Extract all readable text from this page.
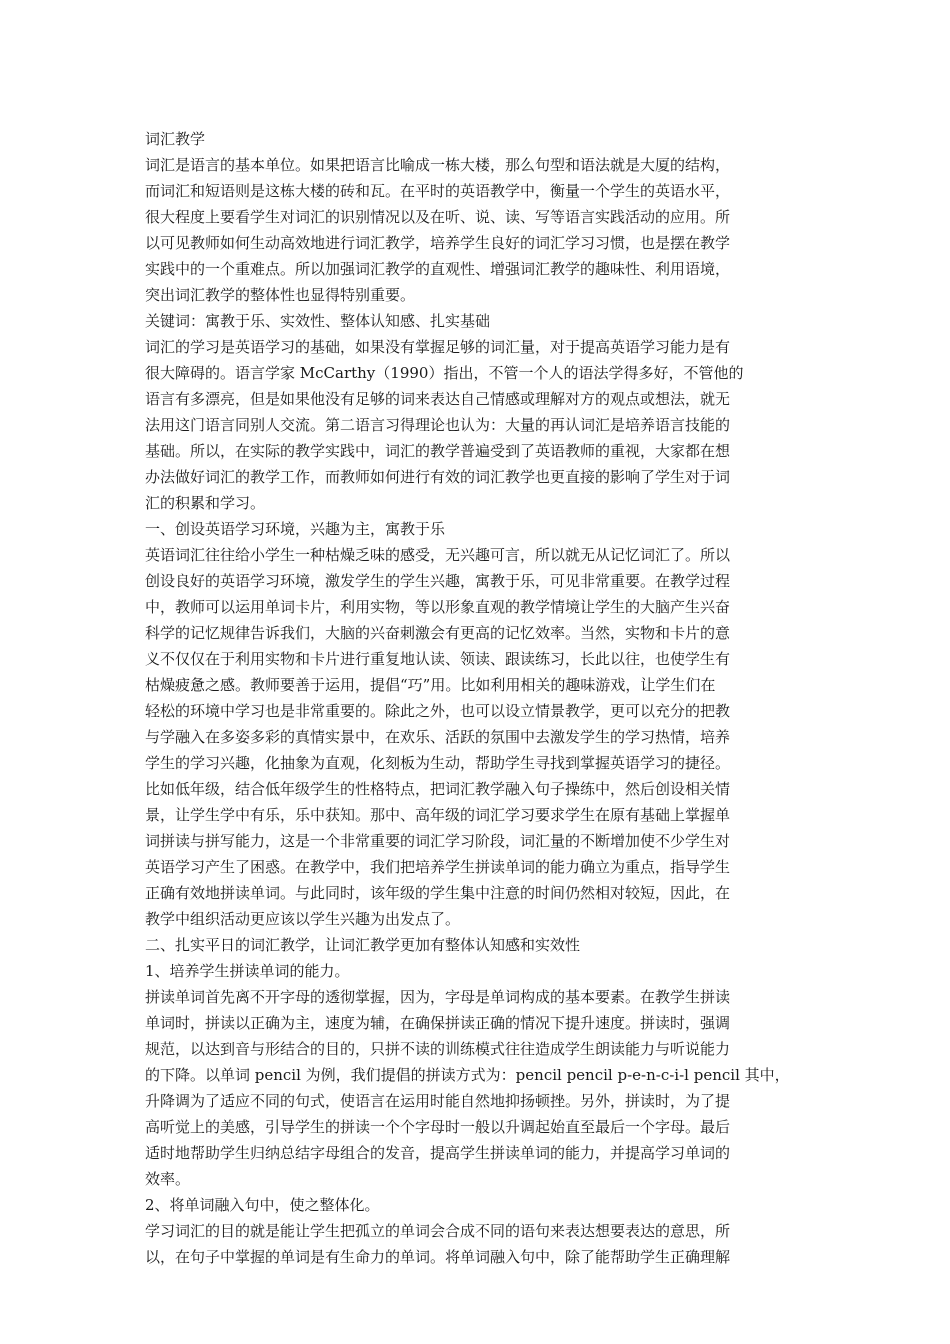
词汇教学
词汇是语言的基本单位。如果把语言比喻成一栋大楼，那么句型和语法就是大厦的结构，
而词汇和短语则是这栋大楼的砖和瓦。在平时的英语教学中，衡量一个学生的英语水平，
很大程度上要看学生对词汇的识别情况以及在听、说、读、写等语言实践活动的应用。所
以可见教师如何生动高效地进行词汇教学，培养学生良好的词汇学习习惯，也是摆在教学
实践中的一个重难点。所以加强词汇教学的直观性、增强词汇教学的趣味性、利用语境，
突出词汇教学的整体性也显得特别重要。
关键词：寓教于乐、实效性、整体认知感、扎实基础
词汇的学习是英语学习的基础，如果没有掌握足够的词汇量，对于提高英语学习能力是有
很大障碍的。语言学家 McCarthy（1990）指出，不管一个人的语法学得多好，不管他的
语言有多漂亮，但是如果他没有足够的词来表达自己情感或理解对方的观点或想法，就无
法用这门语言同别人交流。第二语言习得理论也认为：大量的再认词汇是培养语言技能的
基础。所以，在实际的教学实践中，词汇的教学普遍受到了英语教师的重视，大家都在想
办法做好词汇的教学工作，而教师如何进行有效的词汇教学也更直接的影响了学生对于词
汇的积累和学习。
一、创设英语学习环境，兴趣为主，寓教于乐
英语词汇往往给小学生一种枯燥乏味的感受，无兴趣可言，所以就无从记忆词汇了。所以
创设良好的英语学习环境，激发学生的学生兴趣，寓教于乐，可见非常重要。在教学过程
中，教师可以运用单词卡片，利用实物，等以形象直观的教学情境让学生的大脑产生兴奋
科学的记忆规律告诉我们，大脑的兴奋刺激会有更高的记忆效率。当然，实物和卡片的意
义不仅仅在于利用实物和卡片进行重复地认读、领读、跟读练习，长此以往，也使学生有
枯燥疲惫之感。教师要善于运用，提倡“巧”用。比如利用相关的趣味游戏，让学生们在
轻松的环境中学习也是非常重要的。除此之外，也可以设立情景教学，更可以充分的把教
与学融入在多姿多彩的真情实景中，在欢乐、活跃的氛围中去激发学生的学习热情，培养
学生的学习兴趣，化抽象为直观，化刻板为生动，帮助学生寻找到掌握英语学习的捷径。
比如低年级，结合低年级学生的性格特点，把词汇教学融入句子操练中，然后创设相关情
景，让学生学中有乐，乐中获知。那中、高年级的词汇学习要求学生在原有基础上掌握单
词拼读与拼写能力，这是一个非常重要的词汇学习阶段，词汇量的不断增加使不少学生对
英语学习产生了困惑。在教学中，我们把培养学生拼读单词的能力确立为重点，指导学生
正确有效地拼读单词。与此同时，该年级的学生集中注意的时间仍然相对较短，因此，在
教学中组织活动更应该以学生兴趣为出发点了。
二、扎实平日的词汇教学，让词汇教学更加有整体认知感和实效性
1、培养学生拼读单词的能力。
拼读单词首先离不开字母的透彻掌握，因为，字母是单词构成的基本要素。在教学生拼读
单词时，拼读以正确为主，速度为辅，在确保拼读正确的情况下提升速度。拼读时，强调
规范，以达到音与形结合的目的，只拼不读的训练模式往往造成学生朗读能力与听说能力
的下降。以单词 pencil 为例，我们提倡的拼读方式为：pencil pencil p-e-n-c-i-l pencil 其中，
升降调为了适应不同的句式，使语言在运用时能自然地抑扬顿挫。另外，拼读时，为了提
高听觉上的美感，引导学生的拼读一个个字母时一般以升调起始直至最后一个字母。最后
适时地帮助学生归纳总结字母组合的发音，提高学生拼读单词的能力，并提高学习单词的
效率。
2、将单词融入句中，使之整体化。
学习词汇的目的就是能让学生把孤立的单词会合成不同的语句来表达想要表达的意思，所
以，在句子中掌握的单词是有生命力的单词。将单词融入句中，除了能帮助学生正确理解
